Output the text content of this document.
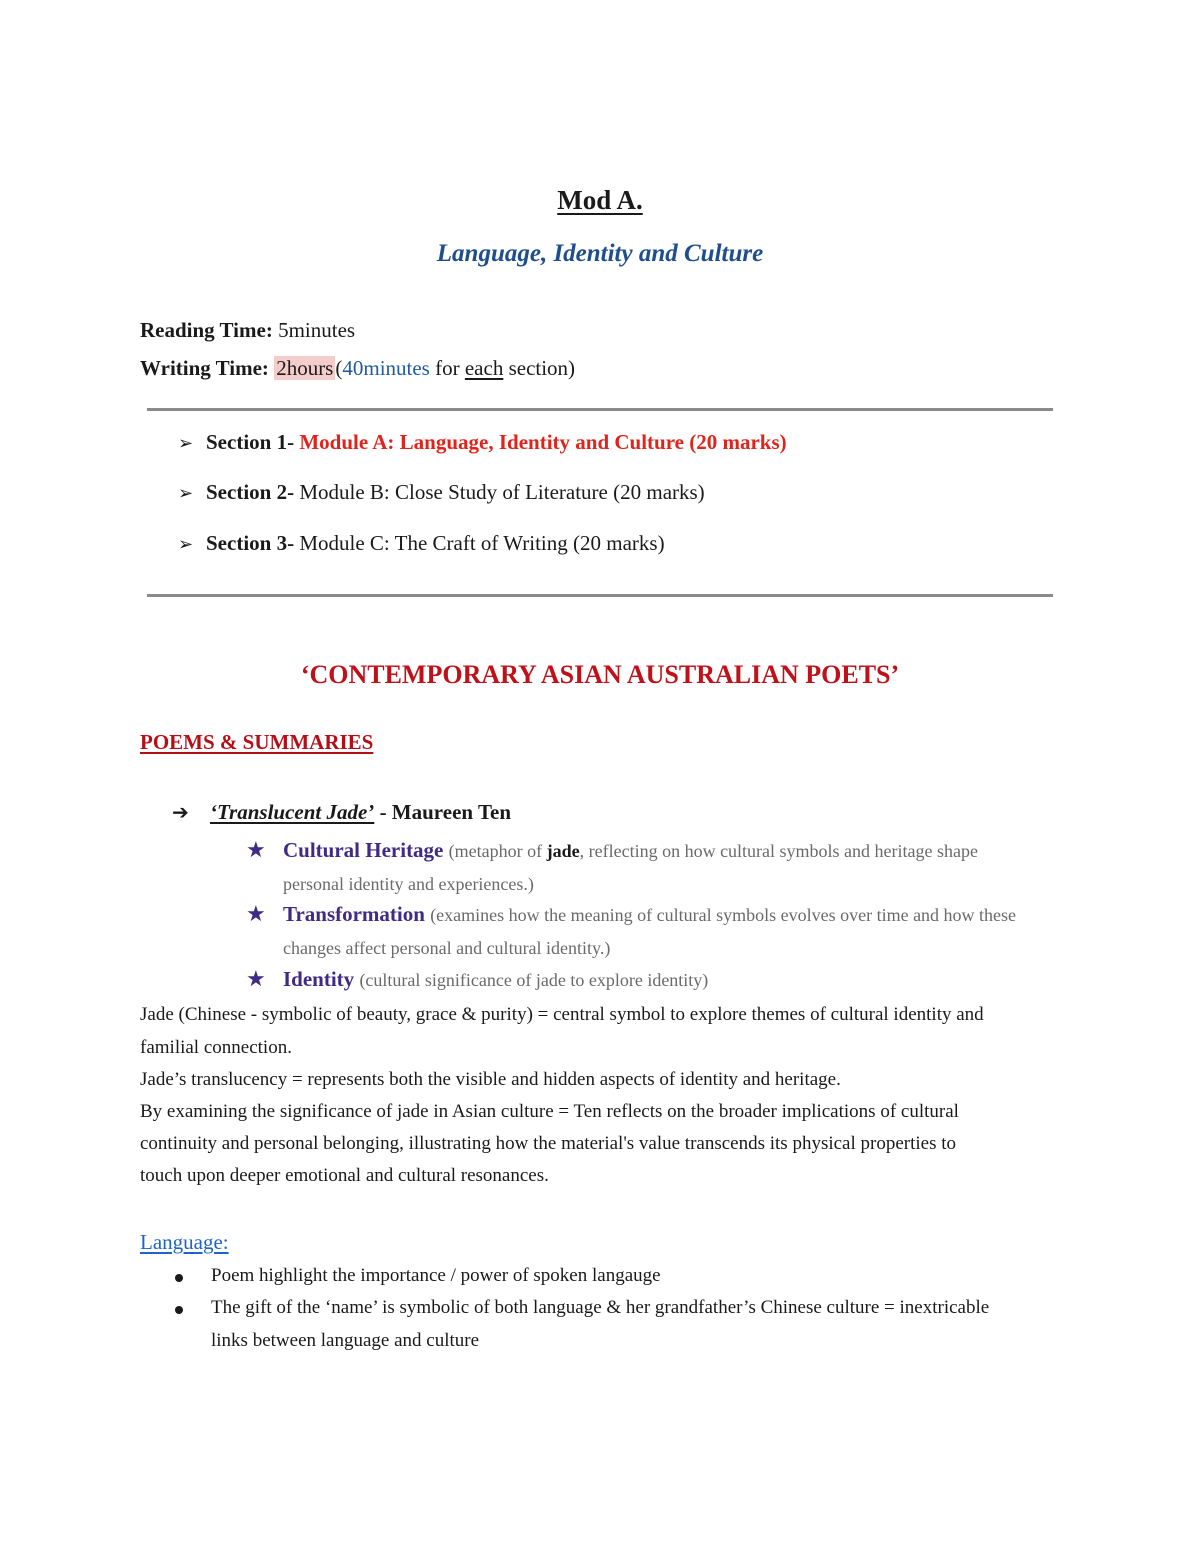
Mod A.
Language, Identity and Culture
Reading Time: 5minutes
Writing Time: 2hours(40minutes for each section)
➢ Section 1- Module A: Language, Identity and Culture (20 marks)
➢ Section 2- Module B: Close Study of Literature (20 marks)
➢ Section 3- Module C: The Craft of Writing (20 marks)
‘CONTEMPORARY ASIAN AUSTRALIAN POETS’
POEMS & SUMMARIES
➔ ‘Translucent Jade’ - Maureen Ten
★ Cultural Heritage (metaphor of jade, reflecting on how cultural symbols and heritage shape
personal identity and experiences.)
★ Transformation (examines how the meaning of cultural symbols evolves over time and how these
changes affect personal and cultural identity.)
★ Identity (cultural significance of jade to explore identity)
Jade (Chinese - symbolic of beauty, grace & purity) = central symbol to explore themes of cultural identity and
familial connection.
Jade’s translucency = represents both the visible and hidden aspects of identity and heritage.
By examining the significance of jade in Asian culture = Ten reflects on the broader implications of cultural
continuity and personal belonging, illustrating how the material's value transcends its physical properties to
touch upon deeper emotional and cultural resonances.
Language:
Poem highlight the importance / power of spoken langauge
The gift of the ‘name’ is symbolic of both language & her grandfather’s Chinese culture = inextricable
links between language and culture
